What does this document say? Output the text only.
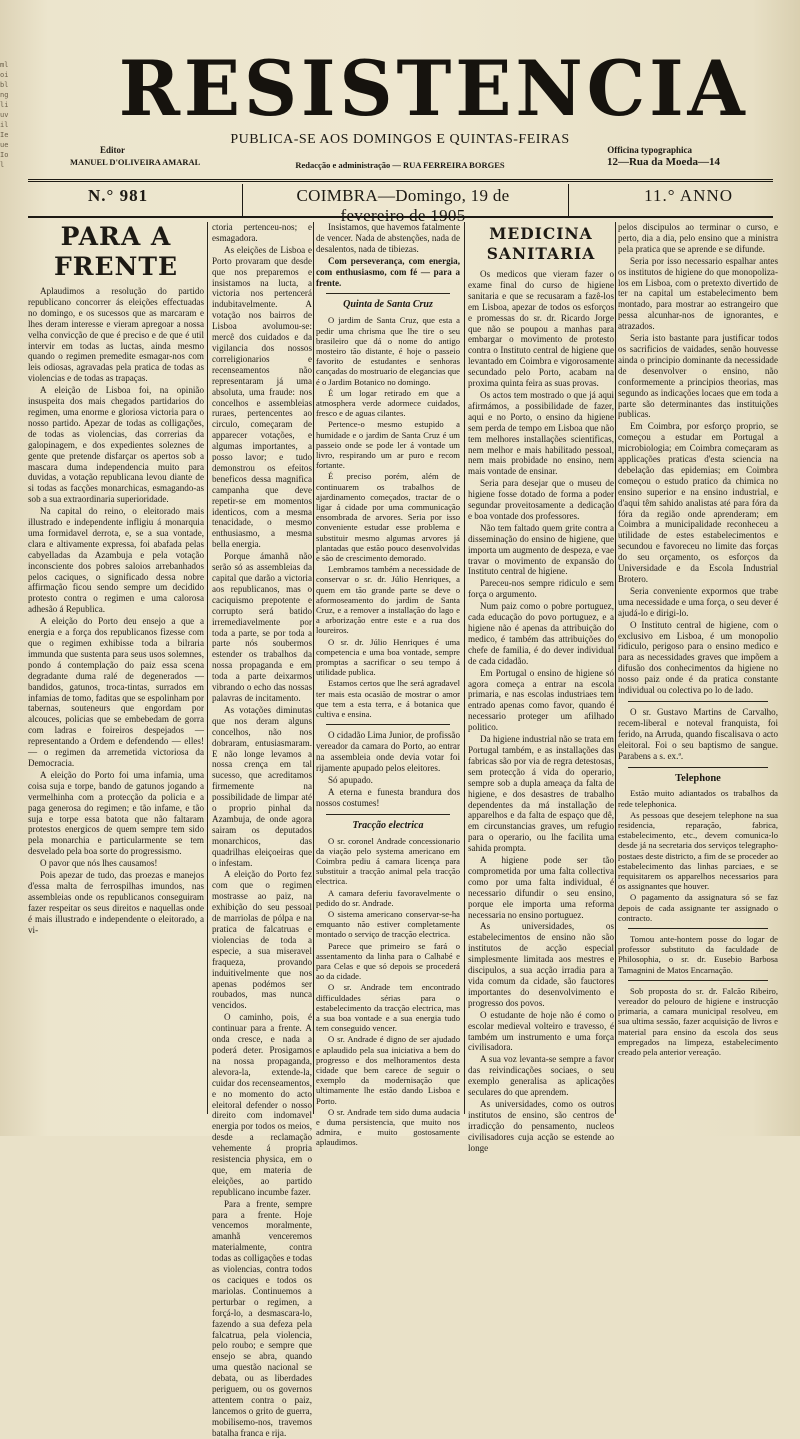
mloibl ngliuvilIeueIol
RESISTENCIA
PUBLICA-SE AOS DOMINGOS E QUINTAS-FEIRAS
Editor
MANUEL D'OLIVEIRA AMARAL	Redacção e administração — RUA FERREIRA BORGES
Officina typographica
12—Rua da Moeda—14
N.° 981	COIMBRA—Domingo, 19 de fevereiro de 1905
11.° ANNO
PARA A FRENTE

Aplaudimos a resolução do partido republicano concorrer ás eleições effectuadas no domingo, e os sucessos que as marcaram e lhes deram interesse e vieram apregoar a nossa velha convicção de que é preciso e de que é util intervir em todas as luctas, ainda mesmo quando o regimen premedite esmagar-nos com leis odiosas, agravadas pela pratica de todas as violencias e de todas as trapaças.

A eleição de Lisboa foi, na opinião insuspeita dos mais chegados partidarios do regimen, uma enorme e gloriosa victoria para o nosso partido. Apezar de todas as colligações, de todas as violencias, das correrias da galopinagem, e dos expedientes soleznes de gente que pretende disfarçar os apertos sob a mascara duma independencia muito para duvidas, a votação republicana levou diante de si todas as facções monarchicas, esmagando-as sob a sua extraordinaria superioridade.

Na capital do reino, o eleitorado mais illustrado e independente infligiu á monarquia uma formidavel derrota, e, se a sua vontade, clara e altivamente expressa, foi abafada pelas cabyelladas da Azambuja e pela votação inconsciente dos pobres saloios arrebanhados pelos caciques, o significado dessa nobre affirmação ficou sendo sempre um decidido protesto contra o regimen e uma calorosa adhesão á Republica.

A eleição do Porto deu ensejo a que a energia e a força dos republicanos fizesse com que o regimen exhibisse toda a bilraria immunda que sustenta para seus usos solemnes, pondo á contemplação do paiz essa scena degradante duma ralé de degenerados — bandidos, gatunos, troca-tintas, surrados em infamias de tomo, faditas que se espolinham por tabernas, souteneurs que engordam por alcouces, policias que se embebedam de gorra com ladras e foireiros despejados — representando a Ordem e defendendo — elles! — o regimen da arremetida victoriosa da Democracia.

A eleição do Porto foi uma infamia, uma coisa suja e torpe, bando de gatunos jogando a vermelhinha com a protecção da policia e a paga generosa do regimen; e tão infame, e tão suja e torpe essa batota que não faltaram protestos energicos de quem sempre tem sido pela monarchia e particularmente se tem desvelado pela boa sorte do progressismo.

O pavor que nós lhes causamos!

Pois apezar de tudo, das proezas e manejos d'essa malta de ferrospilhas imundos, nas assembleias onde os republicanos conseguiram fazer respeitar os seus direitos e naquellas onde é mais illustrado e independente o eleitorado, a vi-

ctoria pertenceu-nos; e esmagadora.

As eleições de Lisboa e Porto provaram que desde que nos preparemos e insistamos na lucta, a victoria nos pertencerá indubitavelmente. A votação nos bairros de Lisboa avolumou-se: mercê dos cuidados e da vigilancia dos nossos correligionarios e recenseamentos não representaram já uma absoluta, uma fraude: nos concelhos e assembleias ruraes, pertencentes ao circulo, começaram de apparecer votações, e algumas importantes, a posso lavor; e tudo demonstrou os efeitos beneficos dessa magnifica campanha que deve repetir-se em momentos identicos, com a mesma tenacidade, o mesmo enthusiasmo, a mesma bella energia.

Porque ámanhã não serão só as assembleias da capital que darão a victoria aos republicanos, mas o caciquismo prepotente e corrupto será batido irremediavelmente por toda a parte, se por toda a parte nós soubermos estender os trabalhos da nossa propaganda e em toda a parte deixarmos vibrando o echo das nossas palavras de incitamento.

As votações diminutas que nos deram alguns concelhos, não nos dobraram, entusiasmaram. E não longe levamos a nossa crença em tal sucesso, que acreditamos firmemente na possibilidade de limpar até o proprio pinhal da Azambuja, de onde agora sairam os deputados monarchicos, das quadrilhas eleiçoeiras que o infestam.

A eleição do Porto fez com que o regimen mostrasse ao paiz, na exhibição do seu pessoal de marriolas de pólpa e na pratica de falcatruas e violencias de toda a especie, a sua miseravel fraqueza, provando induitivelmente que nos apenas podémos ser roubados, mas nunca vencidos.

O caminho, pois, é continuar para a frente. A onda cresce, e nada a poderá deter. Prosigamos na nossa propaganda, alevora-la, extende-la, cuidar dos recenseamentos, e no momento do acto eleitoral defender o nosso direito com indomavel energia por todos os meios, desde a reclamação vehemente á propria resistencia physica, em o que, em materia de eleições, ao partido republicano incumbe fazer.

Para a frente, sempre para a frente. Hoje vencemos moralmente, amanhã venceremos materialmente, contra todas as colligações e todas as violencias, contra todos os caciques e todos os mariolas. Continuemos a perturbar o regimen, a forçá-lo, a desmascara-lo, fazendo a sua defeza pela falcatrua, pela violencia, pelo roubo; e sempre que ensejo se abra, quando uma questão nacional se debata, ou as liberdades periguem, ou os governos attentem contra o paiz, lancemos o grito de guerra, mobilisemo-nos, travemos batalha franca e rija.

Insistamos, que havemos fatalmente de vencer. Nada de abstenções, nada de desalentos, nada de tibiezas.

Com perseverança, com energia, com enthusiasmo, com fé — para a frente.

Quinta de Santa Cruz

O jardim de Santa Cruz, que esta a pedir uma chrisma que lhe tire o seu brasileiro que dá o nome do antigo mosteiro tão distante, é hoje o passeio favorito de estudantes e senhoras cançadas do mostruario de elegancias que é o Jardim Botanico no domingo.

É um logar retirado em que a atmosphera verde adormece cuidados, fresco e de aguas cilantes.

Pertence-o mesmo estupido a humidade e o jardim de Santa Cruz é um passeio onde se pode ler á vontade um livro, respirando um ar puro e recom fortante.

É preciso porém, além de continuarem os trabalhos de ajardinamento começados, tractar de o ligar á cidade por uma communicação ensombrada de arvores. Seria por isso conveniente estudar esse problema e substituir mesmo algumas arvores já plantadas que estão pouco desenvolvidas e são de crescimento demorado.

Lembramos também a necessidade de conservar o sr. dr. Júlio Henriques, a quem em tão grande parte se deve o aformoseamento do jardim de Santa Cruz, e a remover a installação do lago e a arborização entre este e a rua dos loureiros.

O sr. dr. Júlio Henriques é uma competencia e uma boa vontade, sempre promptas a sacrificar o seu tempo á utilidade publica.

Estamos certos que lhe será agradavel ter mais esta ocasião de mostrar o amor que tem a esta terra, e á botanica que cultiva e ensina.

O cidadão Lima Junior, de profissão vereador da camara do Porto, ao entrar na assembleia onde devia votar foi rijamente apupado pelos eleitores.

Só apupado.

A eterna e funesta brandura dos nossos costumes!

Tracção electrica

O sr. coronel Andrade concessionario da viação pelo systema americano em Coimbra pediu á camara licença para substituir a tracção animal pela tracção electrica.

A camara deferiu favoravelmente o pedido do sr. Andrade.

O sistema americano conservar-se-ha emquanto não estiver completamente montado o serviço de tracção electrica.

Parece que primeiro se fará o assentamento da linha para o Calhabé e para Celas e que só depois se procederá ao da cidade.

O sr. Andrade tem encontrado difficuldades sérias para o estabelecimento da tracção electrica, mas a sua boa vontade e a sua energia tudo tem conseguido vencer.

O sr. Andrade é digno de ser ajudado e aplaudido pela sua iniciativa a bem do progresso e dos melhoramentos desta cidade que bem carece de seguir o exemplo da modernisação que ultimamente lhe estão dando Lisboa e Porto.

O sr. Andrade tem sido duma audacia e duma persistencia, que muito nos admira, e muito gostosamente aplaudimos.

MEDICINA SANITARIA

Os medicos que vieram fazer o exame final do curso de higiene sanitaria e que se recusaram a fazê-los em Lisboa, apezar de todos os esforços e promessas do sr. dr. Ricardo Jorge que não se poupou a manhas para embargar o movimento de protesto contra o Instituto central de higiene que levantado em Coimbra e vigorosamente secundado pelo Porto, acabam na proxima quinta feira as suas provas.

Os actos tem mostrado o que já aqui afirmámos, a possibilidade de fazer, aqui e no Porto, o ensino da higiene sem perda de tempo em Lisboa que não tem melhores installações scientificas, nem melhor e mais habilitado pessoal, nem mais probidade no ensino, nem mais vontade de ensinar.

Seria para desejar que o museu de higiene fosse dotado de forma a poder segundar proveitosamente a dedicação e boa vontade dos professores.

Não tem faltado quem grite contra a disseminação do ensino de higiene, que importa um augmento de despeza, e vae travar o movimento de expansão do Instituto central de higiene.

Pareceu-nos sempre ridiculo e sem força o argumento.

Num paiz como o pobre portuguez, cada educação do povo portuguez, e a higiene não é apenas da attribuição do medico, é também das attribuições do chefe de familia, é do dever individual de cada cidadão.

Em Portugal o ensino de higiene só agora começa a entrar na escola primaria, e nas escolas industriaes tem entrado apenas como favor, quando é necessario proteger um afilhado politico.

Da higiene industrial não se trata em Portugal também, e as installações das fabricas são por via de regra detestosas, sem protecção á vida do operario, sempre sob a dupla ameaça da falta de higiene, e dos desastres de trabalho dependentes da má installação de apparelhos e da falta de espaço que dê, em circunstancias graves, um refugio para o operario, ou lhe facilita uma sahida prompta.

A higiene pode ser tão comprometida por uma falta collectiva como por uma falta individual, é necessario difundir o seu ensino, porque ele importa uma reforma necessaria no ensino portuguez.

As universidades, os estabelecimentos de ensino não são institutos de acção especial simplesmente limitada aos mestres e discipulos, a sua acção irradia para a vida comum da cidade, são fauctores importantes do desenvolvimento e progresso dos povos.

O estudante de hoje não é como o escolar medieval volteiro e travesso, é também um instrumento e uma força civilisadora.

A sua voz levanta-se sempre a favor das reivindicações sociaes, o seu exemplo generalisa as aplicações seculares do que aprendem.

As universidades, como os outros institutos de ensino, são centros de irradicção do pensamento, nucleos civilisadores cuja acção se estende ao longe

pelos discipulos ao terminar o curso, e perto, dia a dia, pelo ensino que a ministra pela pratica que se aprende e se difunde.

Seria por isso necessario espalhar antes os institutos de higiene do que monopoliza-los em Lisboa, com o pretexto divertido de ter na capital um estabelecimento bem montado, para mostrar ao estrangeiro que pessa alcunhar-nos de ignorantes, e atrazados.

Seria isto bastante para justificar todos os sacrificios de vaidades, senão houvesse ainda o principio dominante da necessidade de desenvolver o ensino, não conformemente a principios theorias, mas segundo as indicações locaes que em toda a parte são determinantes das instituições publicas.

Em Coimbra, por esforço proprio, se começou a estudar em Portugal a microbiologia; em Coimbra começaram as applicações praticas d'esta sciencia na debelação das epidemias; em Coimbra começou o estudo pratico da chimica no ensino superior e na ensino industrial, e d'aqui têm sahido analistas até para fóra da fóra da região onde aprenderam; em Coimbra a municipalidade reconheceu a utilidade de estes estabelecimentos e secundou e favoreceu no limite das forças do seu orçamento, os esforços da Universidade e da Escola Industrial Brotero.

Seria conveniente expormos que trabe uma necessidade e uma força, o seu dever é ajudá-lo e dirigi-lo.

O Instituto central de higiene, com o exclusivo em Lisboa, é um monopolio ridiculo, perigoso para o ensino medico e para as necessidades graves que impõem a difusão dos conhecimentos da higiene no nosso paiz onde é da pratica constante individual ou colectiva po lo de lado.

O sr. Gustavo Martins de Carvalho, recem-liberal e noteval franquista, foi ferido, na Arruda, quando fiscalisava o acto eleitoral. Foi o seu baptismo de sangue. Parabens a s. ex.ª.

Telephone

Estão muito adiantados os trabalhos da rede telephonica.

As pessoas que desejem telephone na sua residencia, reparação, fabrica, estabelecimento, etc., devem comunica-lo desde já na secretaria dos serviços telegrapho-postaes deste districto, a fim de se proceder ao estabelecimento das linhas parciaes, e se requisitarem os apparelhos necessarios para os assignantes que houver.

O pagamento da assignatura só se faz depois de cada assignante ter assignado o contracto.

Tomou ante-hontem posse do logar de professor substituto da faculdade de Philosophia, o sr. dr. Eusebio Barbosa Tamagnini de Matos Encarnação.

Sob proposta do sr. dr. Falcão Ribeiro, vereador do pelouro de higiene e instrucção primaria, a camara municipal resolveu, em sua ultima sessão, fazer acquisição de livros e material para ensino da escola dos seus empregados na limpeza, estabelecimento creado pela anterior vereação.
